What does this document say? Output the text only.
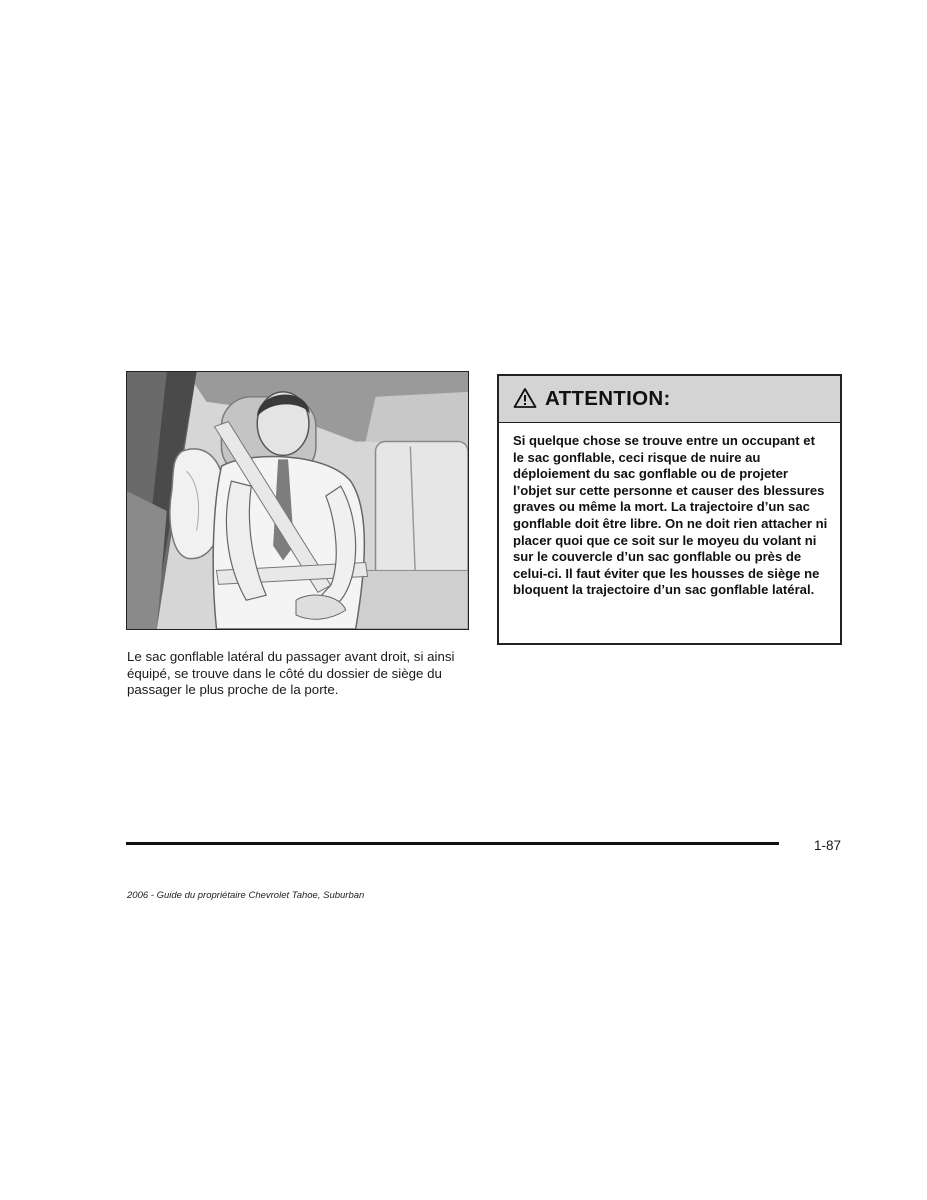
Le sac gonflable latéral du passager avant droit, si ainsi équipé, se trouve dans le côté du dossier de siège du passager le plus proche de la porte.
ATTENTION:
Si quelque chose se trouve entre un occupant et le sac gonflable, ceci risque de nuire au déploiement du sac gonflable ou de projeter l’objet sur cette personne et causer des blessures graves ou même la mort. La trajectoire d’un sac gonflable doit être libre. On ne doit rien attacher ni placer quoi que ce soit sur le moyeu du volant ni sur le couvercle d’un sac gonflable ou près de celui-ci. Il faut éviter que les housses de siège ne bloquent la trajectoire d’un sac gonflable latéral.
1-87
2006 - Guide du propriétaire Chevrolet Tahoe, Suburban
